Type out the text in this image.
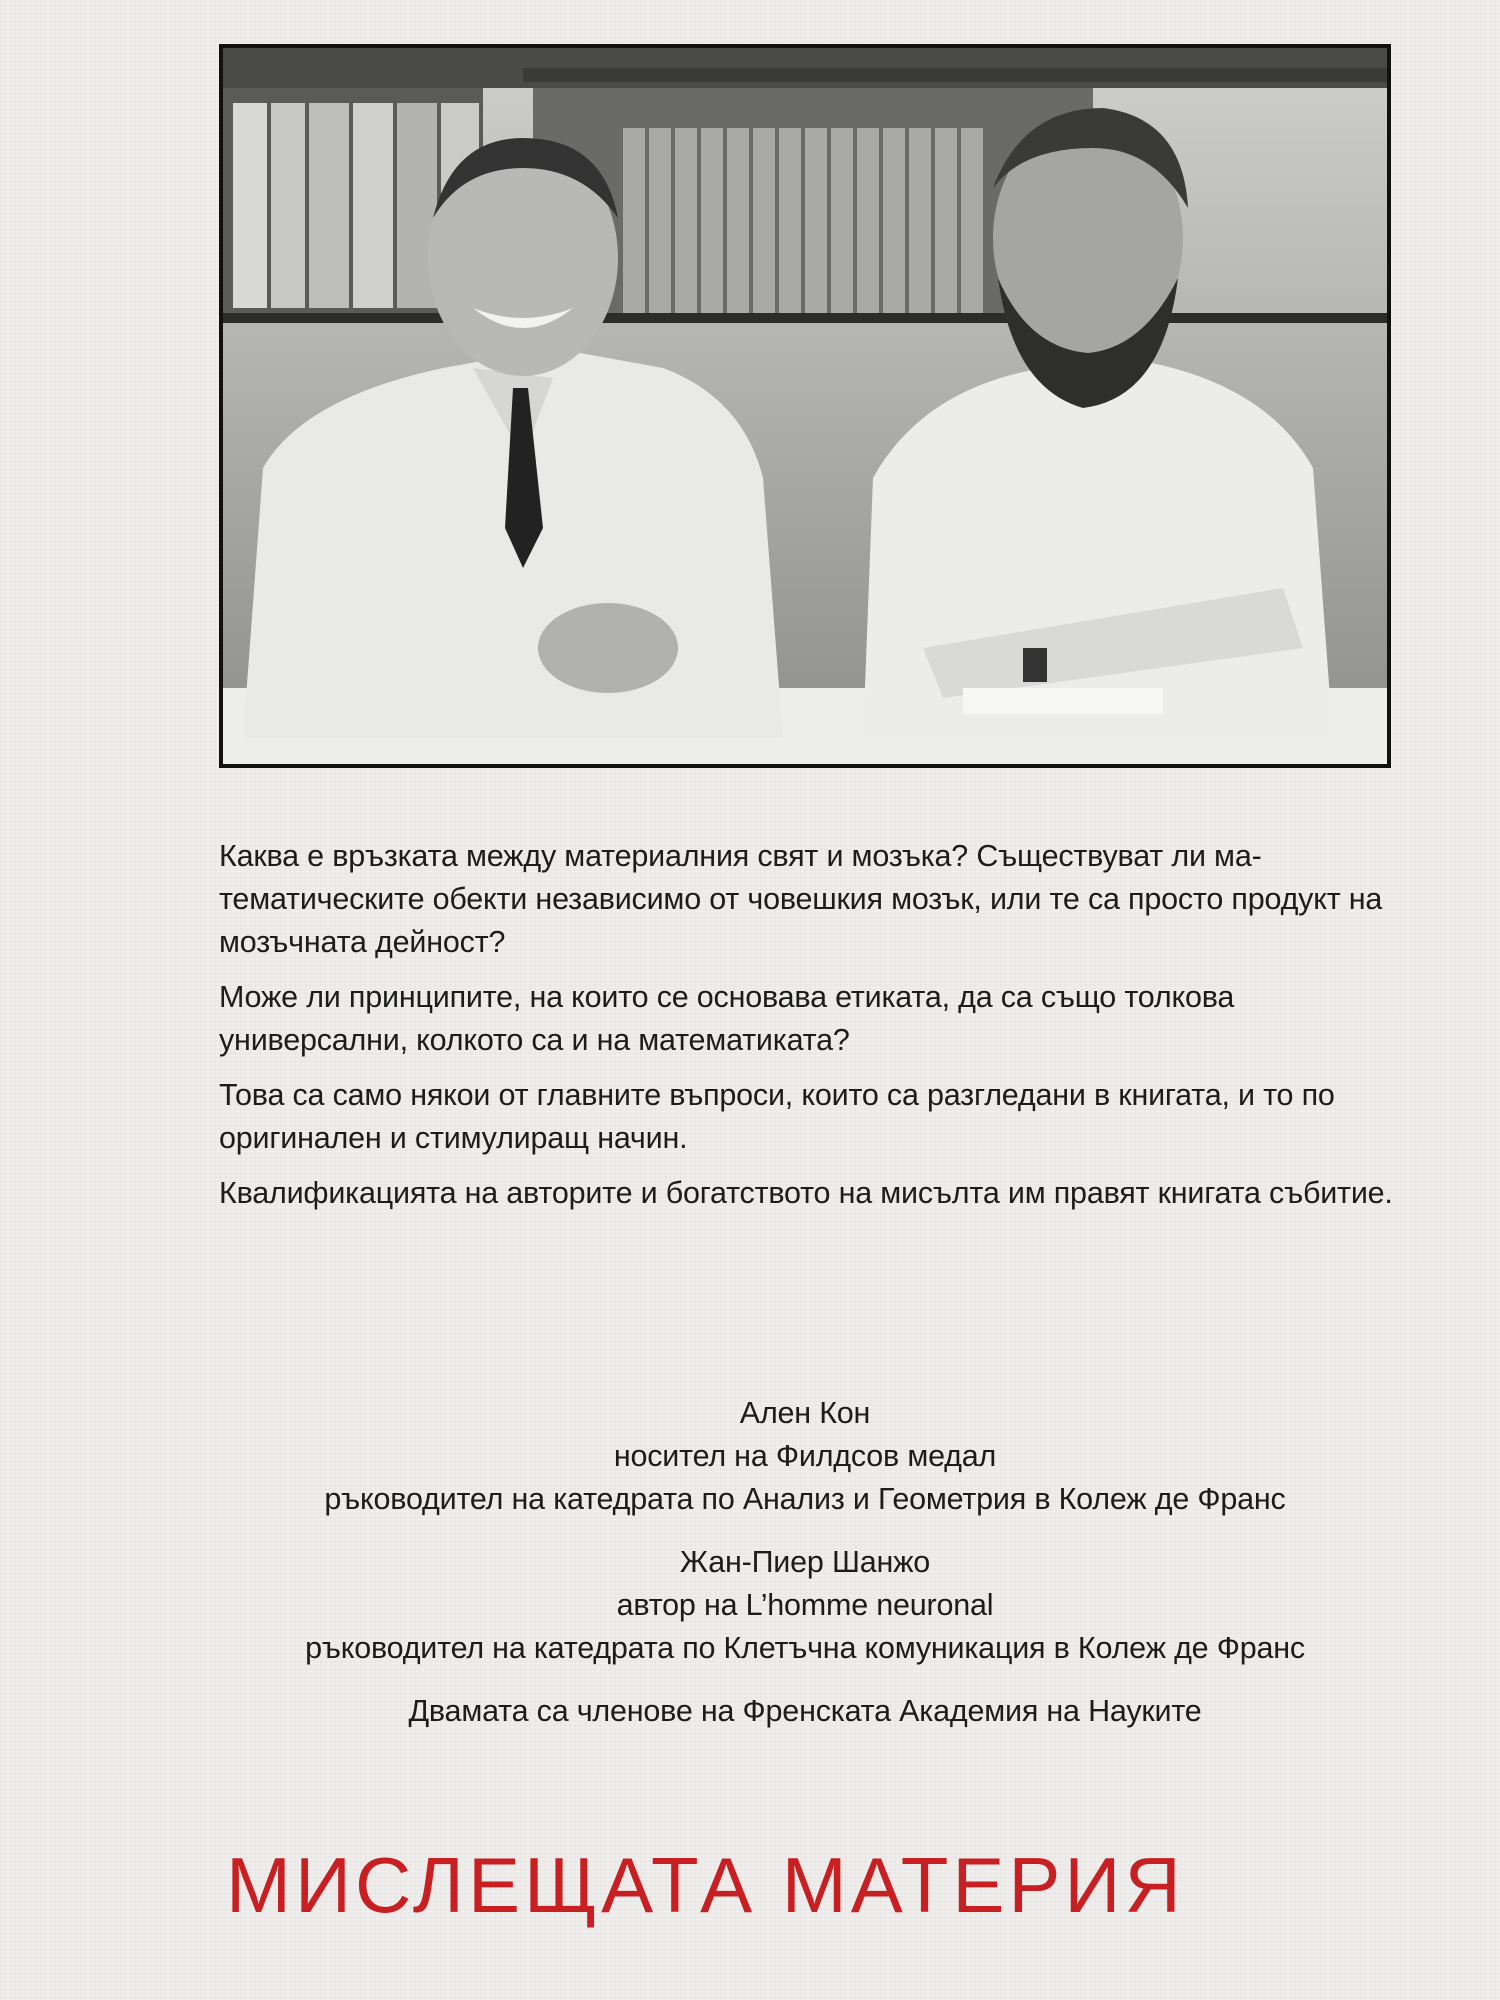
Каква е връзката между материалния свят и мозъка? Съществуват ли ма-тематическите обекти независимо от човешкия мозък, или те са просто продукт на мозъчната дейност?

Може ли принципите, на които се основава етиката, да са също толкова универсални, колкото са и на математиката?

Това са само някои от главните въпроси, които са разгледани в книгата, и то по оригинален и стимулиращ начин.

Квалификацията на авторите и богатството на мисълта им правят книгата събитие.

Ален Кон
носител на Филдсов медал
ръководител на катедрата по Анализ и Геометрия в Колеж де Франс
Жан-Пиер Шанжо
автор на L’homme neuronal
ръководител на катедрата по Клетъчна комуникация в Колеж де Франс
Двамата са членове на Френската Академия на Науките
МИСЛЕЩАТА МАТЕРИЯ
